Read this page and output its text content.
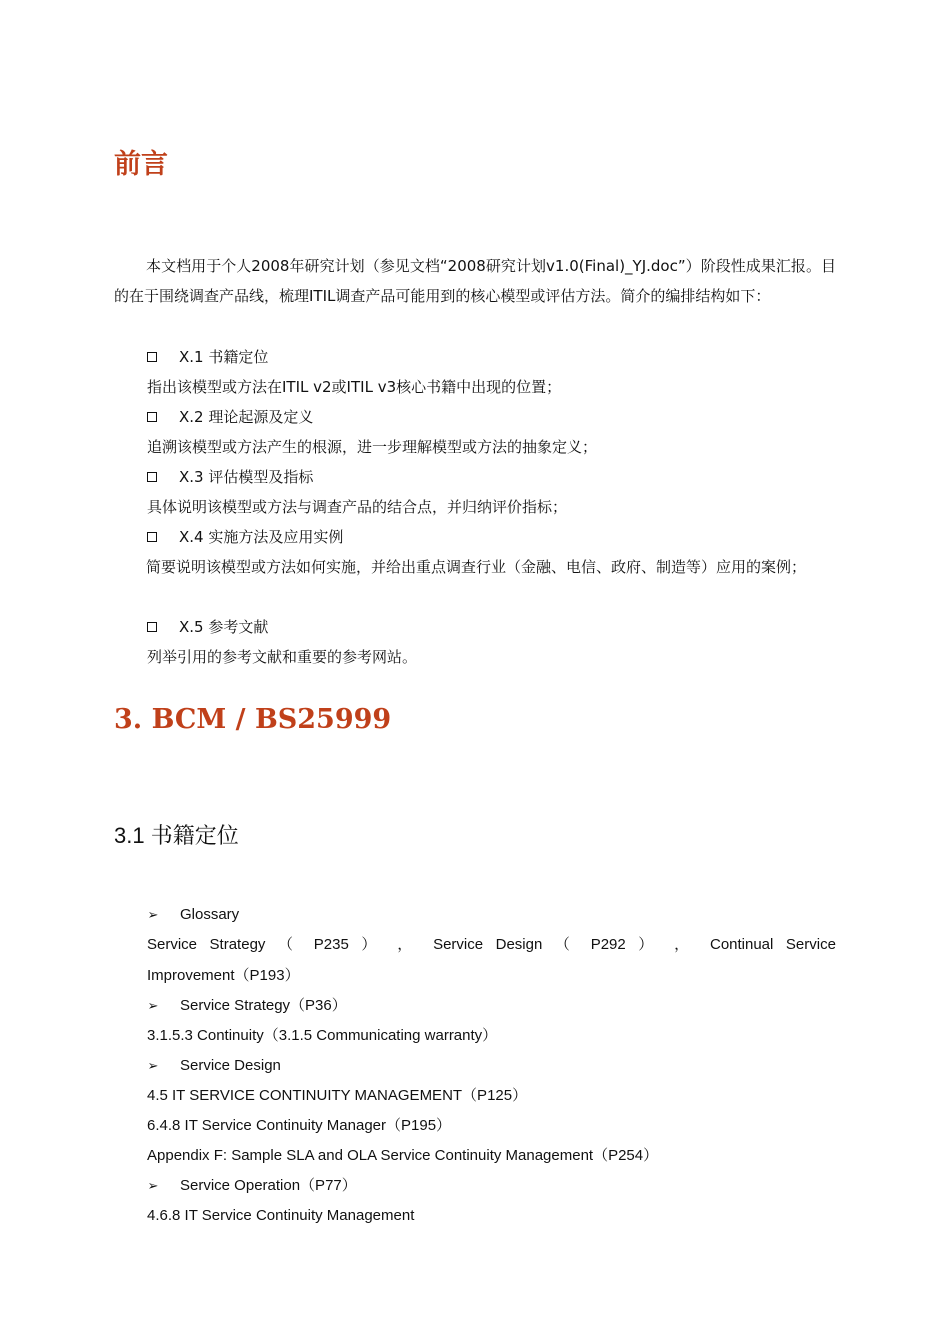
前言

本文档用于个人2008年研究计划（参见文档“2008研究计划v1.0(Final)_YJ.doc”）阶段性成果汇报。目的在于围绕调查产品线，梳理ITIL调查产品可能用到的核心模型或评估方法。简介的编排结构如下：

X.1 书籍定位

指出该模型或方法在ITIL v2或ITIL v3核心书籍中出现的位置；

X.2 理论起源及定义

追溯该模型或方法产生的根源，进一步理解模型或方法的抽象定义；

X.3 评估模型及指标

具体说明该模型或方法与调查产品的结合点，并归纳评价指标；

X.4 实施方法及应用实例

简要说明该模型或方法如何实施，并给出重点调查行业（金融、电信、政府、制造等）应用的案例；

X.5 参考文献

列举引用的参考文献和重要的参考网站。

3. BCM / BS25999
3.1 书籍定位
➢ Glossary
Service Strategy （ P235 ） ， Service Design （ P292 ） ， Continual Service

Improvement（P193）

➢ Service Strategy（P36）

3.1.5.3 Continuity（3.1.5 Communicating warranty）

➢ Service Design

4.5 IT SERVICE CONTINUITY MANAGEMENT（P125）

6.4.8 IT Service Continuity Manager（P195）

Appendix F: Sample SLA and OLA Service Continuity Management（P254）

➢ Service Operation（P77）

4.6.8 IT Service Continuity Management
